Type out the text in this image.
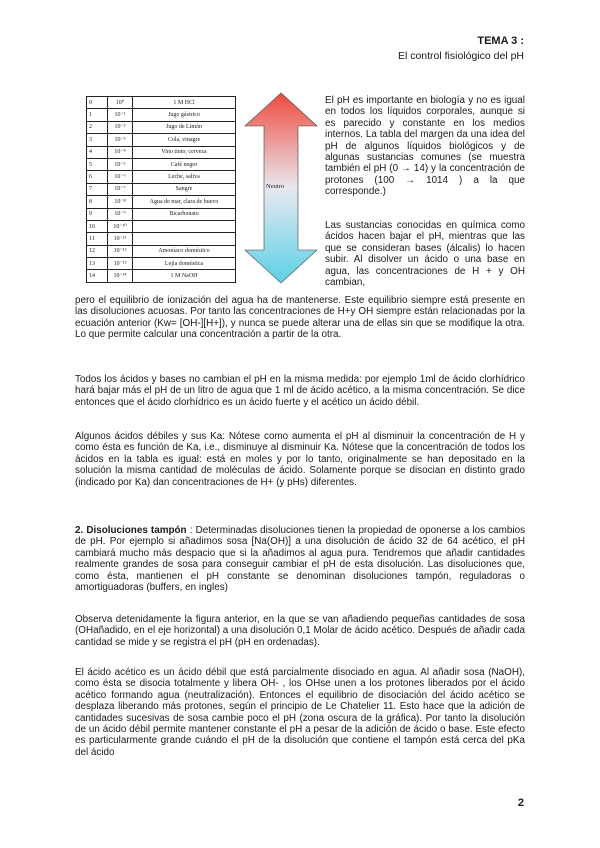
TEMA 3 :
El control fisiológico del pH
0	10⁰	1 M HCl
1	10⁻¹	Jugo gástrico
2	10⁻²	Jugo de Limón
3	10⁻³	Cola, vinagre
4	10⁻⁴	Vino tinto, cerveza
5	10⁻⁵	Café negro
6	10⁻⁶	Leche, saliva
7	10⁻⁷	Sangre
8	10⁻⁸	Agua de mar, clara de huevo
9	10⁻⁹	Bicarbonato
10	10⁻¹⁰	
11	10⁻¹¹	
12	10⁻¹²	Amoníaco doméstico
13	10⁻¹³	Lejía doméstica
14	10⁻¹⁴	1 M NaOH
Neutro

El pH es importante en biología y no es igual en todos los líquidos corporales, aunque si es parecido y constante en los medios internos. La tabla del margen da una idea del pH de algunos líquidos biológicos y de algunas sustancias comunes (se muestra también el pH (0 → 14) y la concentración de protones (100 → 1014 ) a la que corresponde.)

Las sustancias conocidas en química como ácidos hacen bajar el pH, mientras que las que se consideran bases (álcalis) lo hacen subir. Al disolver un ácido o una base en agua, las concentraciones de H + y OH cambian,

pero el equilibrio de ionización del agua ha de mantenerse. Este equilibrio siempre está presente en las disoluciones acuosas. Por tanto las concentraciones de H+y OH siempre están relacionadas por la ecuación anterior (Kw= [OH-][H+]), y nunca se puede alterar una de ellas sin que se modifique la otra. Lo que permite calcular una concentración a partir de la otra.

Todos los ácidos y bases no cambian el pH en la misma medida: por ejemplo 1ml de ácido clorhídrico hará bajar más el pH de un litro de agua que 1 ml de ácido acético, a la misma concentración. Se dice entonces que el ácido clorhídrico es un ácido fuerte y el acético un ácido débil.

Algunos ácidos débiles y sus Ka: Nótese como aumenta el pH al disminuir la concentración de H y como ésta es función de Ka, i.e., disminuye al disminuir Ka. Nótese que la concentración de todos los ácidos en la tabla es igual: está en moles y por lo tanto, originalmente se han depositado en la solución la misma cantidad de moléculas de ácido. Solamente porque se disocian en distinto grado (indicado por Ka) dan concentraciones de H+ (y pHs) diferentes.

2. Disoluciones tampón : Determinadas disoluciones tienen la propiedad de oponerse a los cambios de pH. Por ejemplo si añadimos sosa [Na(OH)] a una disolución de ácido 32 de 64 acético, el pH cambiará mucho más despacio que si la añadimos al agua pura. Tendremos que añadir cantidades realmente grandes de sosa para conseguir cambiar el pH de esta disolución. Las disoluciones que, como ésta, mantienen el pH constante se denominan disoluciones tampón, reguladoras o amortiguadoras (buffers, en ingles)

Observa detenidamente la figura anterior, en la que se van añadiendo pequeñas cantidades de sosa (OHañadido, en el eje horizontal) a una disolución 0,1 Molar de ácido acético. Después de añadir cada cantidad se mide y se registra el pH (pH en ordenadas).

El ácido acético es un ácido débil que está parcialmente disociado en agua. Al añadir sosa (NaOH), como ésta se disocia totalmente y libera OH- , los OHse unen a los protones liberados por el ácido acético formando agua (neutralización). Entonces el equilibrio de disociación del ácido acético se desplaza liberando más protones, según el principio de Le Chatelier 11. Esto hace que la adición de cantidades sucesivas de sosa cambie poco el pH (zona oscura de la gráfica). Por tanto la disolución de un ácido débil permite mantener constante el pH a pesar de la adición de ácido o base. Este efecto es particularmente grande cuándo el pH de la disolución que contiene el tampón está cerca del pKa del ácido

2
